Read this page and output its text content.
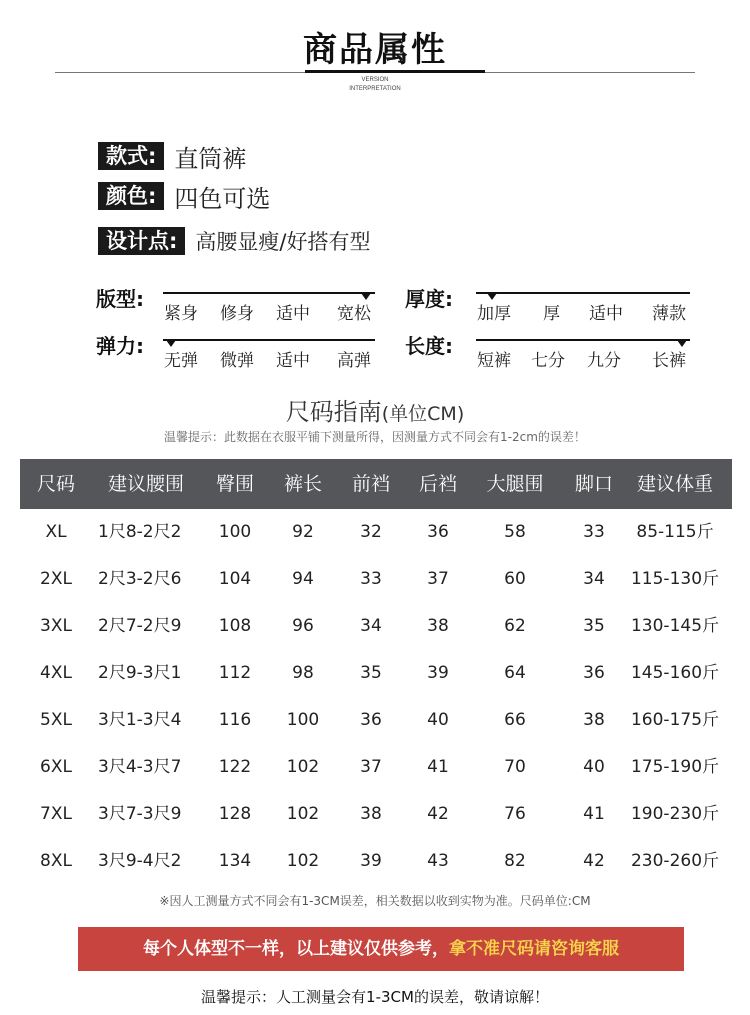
商品属性
VERSION
INTERPRETATION
款式: 直筒裤
颜色: 四色可选
设计点: 高腰显瘦/好搭有型
版型:
紧身 修身 适中 宽松
弹力:
无弹 微弹 适中 高弹
厚度:
加厚 厚 适中 薄款
长度:
短裤 七分 九分 长裤
尺码指南(单位CM)
温馨提示：此数据在衣服平铺下测量所得，因测量方式不同会有1-2cm的误差！
尺码 建议腰围 臀围 裤长 前裆 后裆 大腿围 脚口 建议体重
XL 1尺8-2尺2 100 92	32	36	58	33 85-115斤
2XL 2尺3-2尺6 104 94	33	37	60	34 115-130斤
3XL 2尺7-2尺9 108 96	34	38	62	35 130-145斤
4XL 2尺9-3尺1 112 98	35	39	64	36 145-160斤
5XL 3尺1-3尺4 116 100 36	40	66	38 160-175斤
6XL 3尺4-3尺7 122 102 37	41	70	40 175-190斤
7XL 3尺7-3尺9 128 102 38	42	76	41 190-230斤
8XL 3尺9-4尺2 134 102 39	43	82	42 230-260斤
※因人工测量方式不同会有1-3CM误差，相关数据以收到实物为准。尺码单位:CM
每个人体型不一样，以上建议仅供参考，拿不准尺码请咨询客服
温馨提示：人工测量会有1-3CM的误差，敬请谅解！
